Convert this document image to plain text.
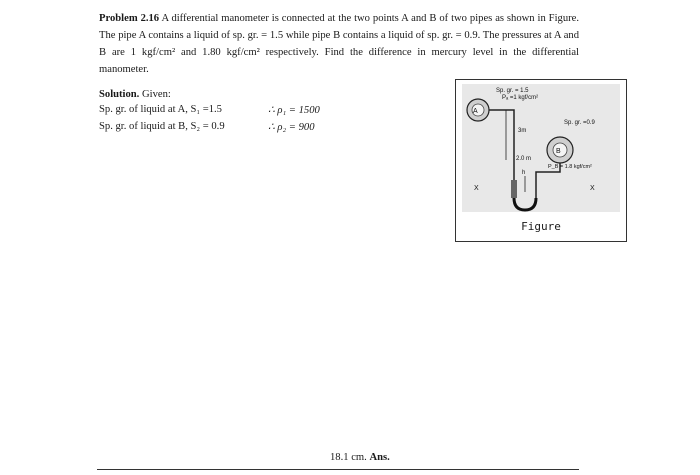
Problem 2.16 A differential manometer is connected at the two points A and B of two pipes as shown in Figure. The pipe A contains a liquid of sp. gr. = 1.5 while pipe B contains a liquid of sp. gr. = 0.9. The pressures at A and B are 1 kgf/cm² and 1.80 kgf/cm² respectively. Find the difference in mercury level in the differential manometer.
Solution. Given:
Sp. gr. of liquid at A, S₁ =1.5
Sp. gr. of liquid at B, S₂ = 0.9
∴ ρ₁ = 1500
∴ ρ₂ = 900
A
B
3m
2.0 m
h
X
X
Sp. gr. = 1.5
Pₐ =1 kgf/cm²
Sp. gr. =0.9
P_B = 1.8 kgf/cm²
Figure
18.1 cm. Ans.
